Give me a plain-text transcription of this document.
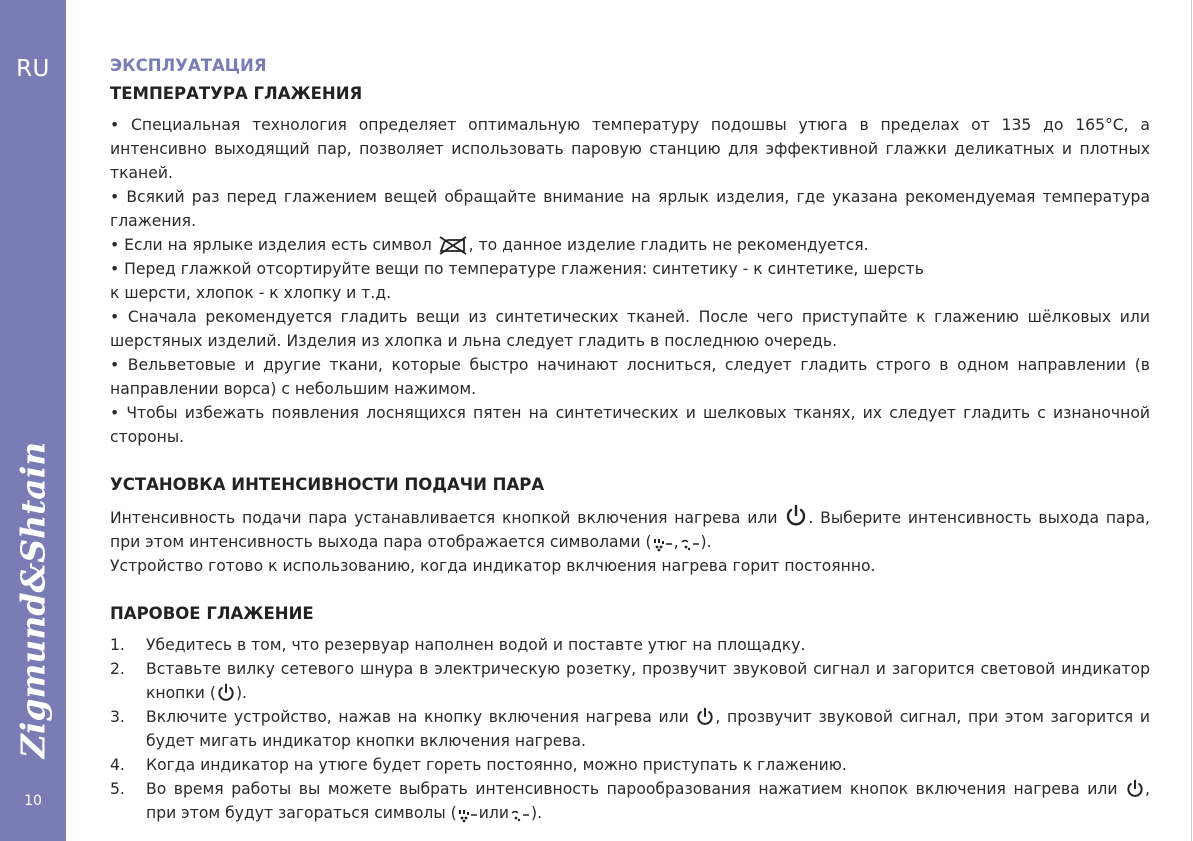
RU
Zigmund&Shtain
10
ЭКСПЛУАТАЦИЯ
ТЕМПЕРАТУРА ГЛАЖЕНИЯ

• Специальная технология определяет оптимальную температуру подошвы утюга в пределах от 135 до 165°С, а интенсивно выходящий пар, позволяет использовать паровую станцию для эффективной глажки деликатных и плотных тканей.

• Всякий раз перед глажением вещей обращайте внимание на ярлык изделия, где указана рекомендуемая температура глажения.

• Если на ярлыке изделия есть символ , то данное изделие гладить не рекомендуется.

• Перед глажкой отсортируйте вещи по температуре глажения: синтетику - к синтетике, шерсть

к шерсти, хлопок - к хлопку и т.д.

• Сначала рекомендуется гладить вещи из синтетических тканей. После чего приступайте к глажению шёлковых или шерстяных изделий. Изделия из хлопка и льна следует гладить в последнюю очередь.

• Вельветовые и другие ткани, которые быстро начинают лосниться, следует гладить строго в одном направлении (в направлении ворса) с небольшим нажимом.

• Чтобы избежать появления лоснящихся пятен на синтетических и шелковых тканях, их следует гладить с изнаночной стороны.

УСТАНОВКА ИНТЕНСИВНОСТИ ПОДАЧИ ПАРА

Интенсивность подачи пара устанавливается кнопкой включения нагрева или . Выберите интенсивность выхода пара, при этом интенсивность выхода пара отображается символами ( , ).

Устройство готово к использованию, когда индикатор вклчюения нагрева горит постоянно.

ПАРОВОЕ ГЛАЖЕНИЕ
1. Убедитесь в том, что резервуар наполнен водой и поставте утюг на площадку.
2. Вставьте вилку сетевого шнура в электрическую розетку, прозвучит звуковой сигнал и загорится световой индикатор кнопки ( ).
3. Включите устройство, нажав на кнопку включения нагрева или , прозвучит звуковой сигнал, при этом загорится и будет мигать индикатор кнопки включения нагрева.
4. Когда индикатор на утюге будет гореть постоянно, можно приступать к глажению.
5. Во время работы вы можете выбрать интенсивность парообразования нажатием кнопок включения нагрева или , при этом будут загораться символы ( или ).
